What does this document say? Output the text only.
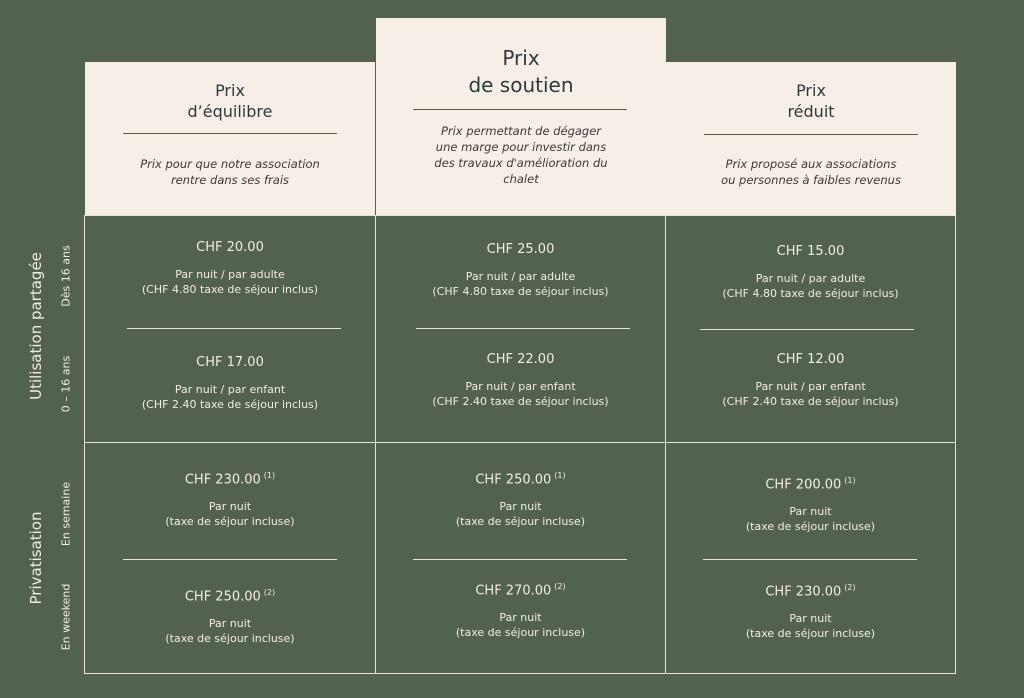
Utilisation partagée Dès 16 ans
0 – 16 ans
Privatisation En semaine
En weekend
Prix
d’équilibre
Prix pour que notre association
rentre dans ses frais
Prix
de soutien
Prix permettant de dégager
une marge pour investir dans
des travaux d'amélioration du
chalet
Prix
réduit
Prix proposé aux associations
ou personnes à faibles revenus
CHF 20.00
Par nuit / par adulte
(CHF 4.80 taxe de séjour inclus)
CHF 17.00
Par nuit / par enfant
(CHF 2.40 taxe de séjour inclus)
CHF 230.00 $^{(1)}$
Par nuit
(taxe de séjour incluse)
CHF 250.00 $^{(2)}$
Par nuit
(taxe de séjour incluse)
CHF 25.00
Par nuit / par adulte
(CHF 4.80 taxe de séjour inclus)
CHF 22.00
Par nuit / par enfant
(CHF 2.40 taxe de séjour inclus)
CHF 250.00 $^{(1)}$
Par nuit
(taxe de séjour incluse)
CHF 270.00 $^{(2)}$
Par nuit
(taxe de séjour incluse)
CHF 15.00
Par nuit / par adulte
(CHF 4.80 taxe de séjour inclus)
CHF 12.00
Par nuit / par enfant
(CHF 2.40 taxe de séjour inclus)
CHF 200.00 $^{(1)}$
Par nuit
(taxe de séjour incluse)
CHF 230.00 $^{(2)}$
Par nuit
(taxe de séjour incluse)
